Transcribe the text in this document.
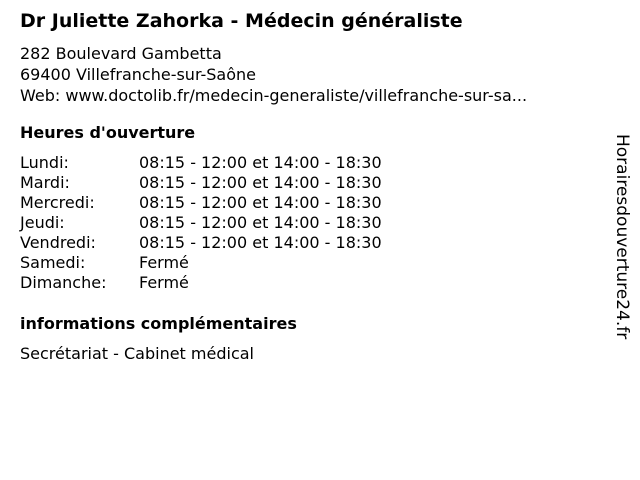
Dr Juliette Zahorka - Médecin généraliste
282 Boulevard Gambetta
69400 Villefranche-sur-Saône
Web: www.doctolib.fr/medecin-generaliste/villefranche-sur-sa...
Heures d'ouverture
Lundi:	08:15 - 12:00 et 14:00 - 18:30
Mardi:	08:15 - 12:00 et 14:00 - 18:30
Mercredi:	08:15 - 12:00 et 14:00 - 18:30
Jeudi:	08:15 - 12:00 et 14:00 - 18:30
Vendredi:	08:15 - 12:00 et 14:00 - 18:30
Samedi:	Fermé
Dimanche: Fermé
informations complémentaires
Secrétariat - Cabinet médical
Horairesdouverture24.fr
